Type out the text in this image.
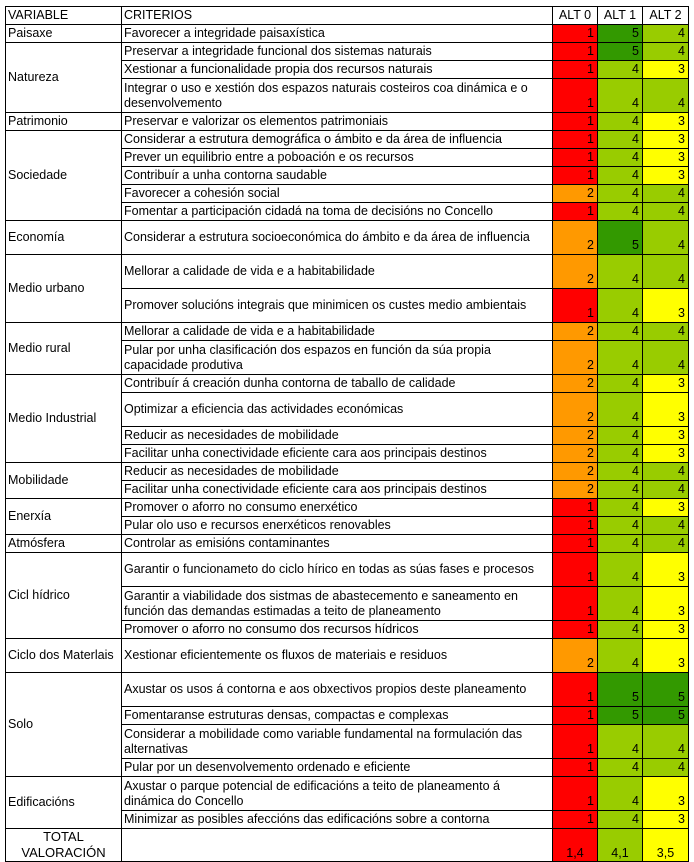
VARIABLE	CRITERIOS	ALT 0	ALT 1	ALT 2
Paisaxe	Favorecer a integridade paisaxística	1	5	4
Natureza	Preservar a integridade funcional dos sistemas naturais	1	5	4
	Xestionar a funcionalidade propia dos recursos naturais	1	4	3
	Integrar o uso e xestión dos espazos naturais costeiros coa dinámica e o desenvolvemento	1	4	4
Patrimonio	Preservar e valorizar os elementos patrimoniais	1	4	3
Sociedade	Considerar a estrutura demográfica o ámbito e da área de influencia	1	4	3
	Prever un equilibrio entre a poboación e os recursos	1	4	3
	Contribuír a unha contorna saudable	1	4	3
	Favorecer a cohesión social	2	4	4
	Fomentar a participación cidadá na toma de decisións no Concello	1	4	4
Economía	Considerar a estrutura socioeconómica do ámbito e da área de influencia	2	5	4
Medio urbano	Mellorar a calidade de vida e a habitabilidade	2	4	4
	Promover solucións integrais que minimicen os custes medio ambientais	1	4	3
Medio rural	Mellorar a calidade de vida e a habitabilidade	2	4	4
	Pular por unha clasificación dos espazos en función da súa propia capacidade produtiva	2	4	4
Medio Industrial	Contribuír á creación dunha contorna de taballo de calidade	2	4	3
	Optimizar a eficiencia das actividades económicas	2	4	3
	Reducir as necesidades de mobilidade	2	4	3
	Facilitar unha conectividade eficiente cara aos principais destinos	2	4	3
Mobilidade	Reducir as necesidades de mobilidade	2	4	4
	Facilitar unha conectividade eficiente cara aos principais destinos	2	4	4
Enerxía	Promover o aforro no consumo enerxético	1	4	3
	Pular olo uso e recursos enerxéticos renovables	1	4	4
Atmósfera	Controlar as emisións contaminantes	1	4	4
Cicl hídrico	Garantir o funcionameto do ciclo hírico en todas as súas fases e procesos	1	4	3
	Garantir a viabilidade dos sistmas de abastecemento e saneamento en función das demandas estimadas a teito de planeamento	1	4	3
	Promover o aforro no consumo dos recursos hídricos	1	4	3
Ciclo dos Materlais	Xestionar eficientemente os fluxos de materiais e residuos	2	4	3
Solo	Axustar os usos á contorna e aos obxectivos propios deste planeamento	1	5	5
	Fomentaranse estruturas densas, compactas e complexas	1	5	5
	Considerar a mobilidade como variable fundamental na formulación das alternativas	1	4	4
	Pular por un desenvolvemento ordenado e eficiente	1	4	4
Edificacións	Axustar o parque potencial de edificacións a teito de planeamento á dinámica do Concello	1	4	3
	Minimizar as posibles afeccións das edificacións sobre a contorna	1	4	3

TOTAL
VALORACIÓN		1,4	4,1	3,5
